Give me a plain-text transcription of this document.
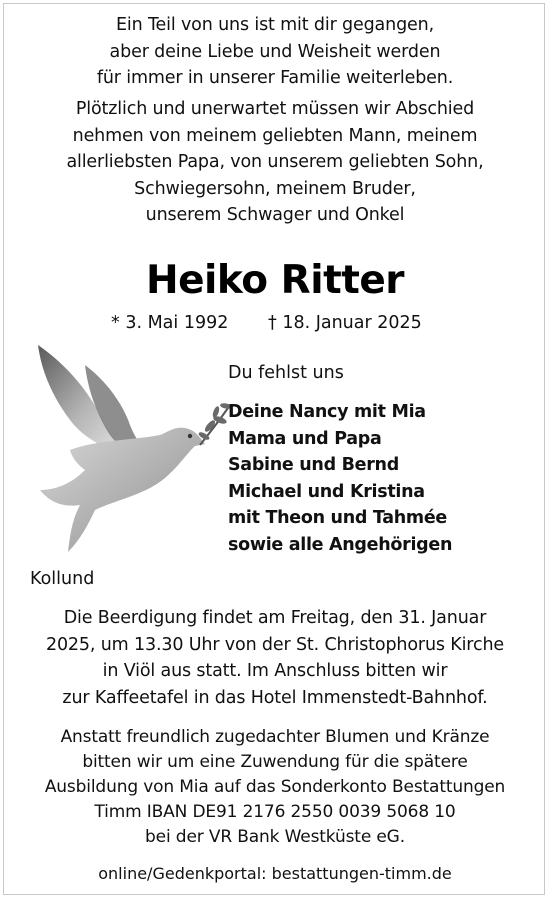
Ein Teil von uns ist mit dir gegangen,
aber deine Liebe und Weisheit werden
für immer in unserer Familie weiterleben.
Plötzlich und unerwartet müssen wir Abschied
nehmen von meinem geliebten Mann, meinem
allerliebsten Papa, von unserem geliebten Sohn,
Schwiegersohn, meinem Bruder,
unserem Schwager und Onkel
Heiko Ritter
* 3. Mai 1992 † 18. Januar 2025
Du fehlst uns
Deine Nancy mit Mia
Mama und Papa
Sabine und Bernd
Michael und Kristina
mit Theon und Tahmée
sowie alle Angehörigen
Kollund
Die Beerdigung findet am Freitag, den 31. Januar
2025, um 13.30 Uhr von der St. Christophorus Kirche
in Viöl aus statt. Im Anschluss bitten wir
zur Kaffeetafel in das Hotel Immenstedt-Bahnhof.
Anstatt freundlich zugedachter Blumen und Kränze
bitten wir um eine Zuwendung für die spätere
Ausbildung von Mia auf das Sonderkonto Bestattungen
Timm IBAN DE91 2176 2550 0039 5068 10
bei der VR Bank Westküste eG.
online/Gedenkportal: bestattungen-timm.de
